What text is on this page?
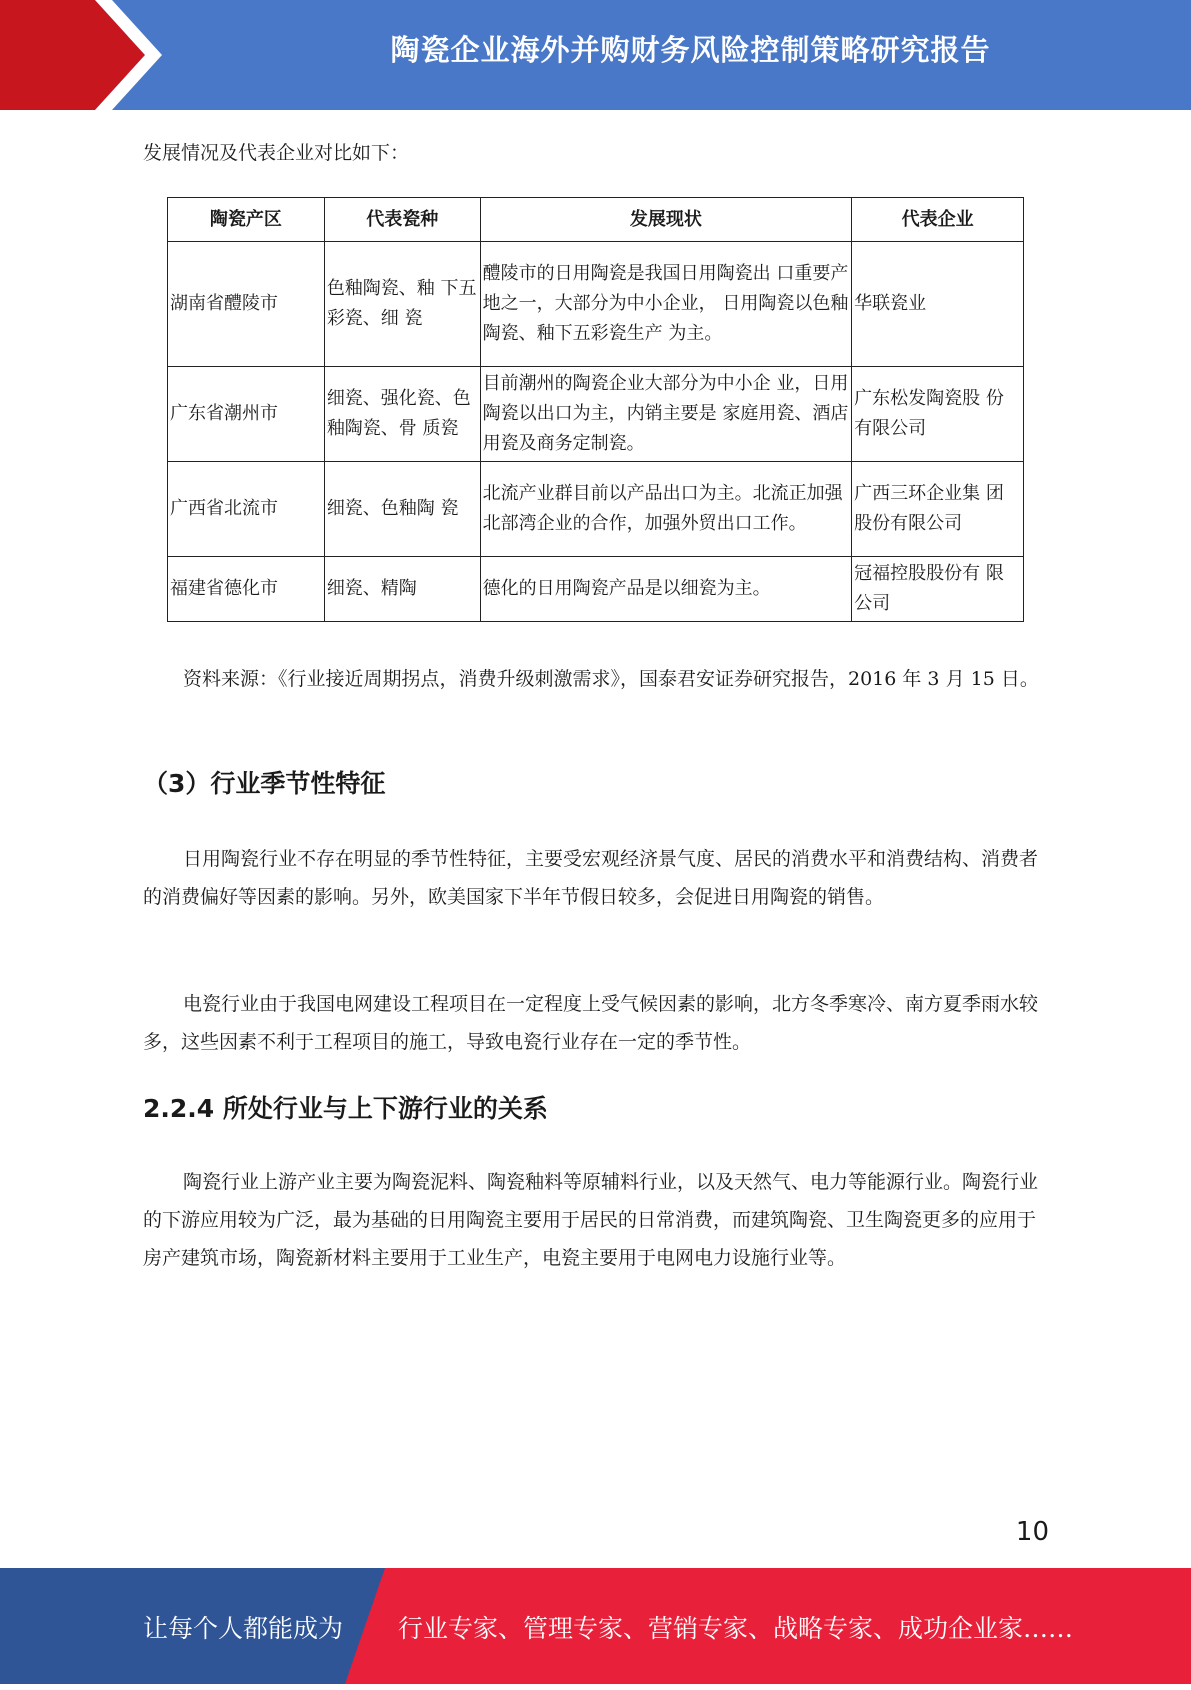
陶瓷企业海外并购财务风险控制策略研究报告

发展情况及代表企业对比如下：

陶瓷产区	代表瓷种	发展现状	代表企业
湖南省醴陵市	色釉陶瓷、釉 下五彩瓷、细 瓷	醴陵市的日用陶瓷是我国日用陶瓷出 口重要产地之一，大部分为中小企业， 日用陶瓷以色釉陶瓷、釉下五彩瓷生产 为主。	华联瓷业
广东省潮州市	细瓷、强化瓷、色釉陶瓷、骨 质瓷	目前潮州的陶瓷企业大部分为中小企 业，日用陶瓷以出口为主，内销主要是 家庭用瓷、酒店用瓷及商务定制瓷。	广东松发陶瓷股 份有限公司
广西省北流市	细瓷、色釉陶 瓷	北流产业群目前以产品出口为主。北流正加强北部湾企业的合作，加强外贸出口工作。	广西三环企业集 团股份有限公司
福建省德化市	细瓷、精陶	德化的日用陶瓷产品是以细瓷为主。	冠福控股股份有 限公司

资料来源：《行业接近周期拐点，消费升级刺激需求》，国泰君安证券研究报告，2016 年 3 月 15 日。

（3）行业季节性特征

日用陶瓷行业不存在明显的季节性特征，主要受宏观经济景气度、居民的消费水平和消费结构、消费者的消费偏好等因素的影响。另外，欧美国家下半年节假日较多，会促进日用陶瓷的销售。

电瓷行业由于我国电网建设工程项目在一定程度上受气候因素的影响，北方冬季寒冷、南方夏季雨水较多，这些因素不利于工程项目的施工，导致电瓷行业存在一定的季节性。

2.2.4 所处行业与上下游行业的关系

陶瓷行业上游产业主要为陶瓷泥料、陶瓷釉料等原辅料行业，以及天然气、电力等能源行业。陶瓷行业的下游应用较为广泛，最为基础的日用陶瓷主要用于居民的日常消费，而建筑陶瓷、卫生陶瓷更多的应用于房产建筑市场，陶瓷新材料主要用于工业生产，电瓷主要用于电网电力设施行业等。

10
让每个人都能成为 行业专家、管理专家、营销专家、战略专家、成功企业家……
